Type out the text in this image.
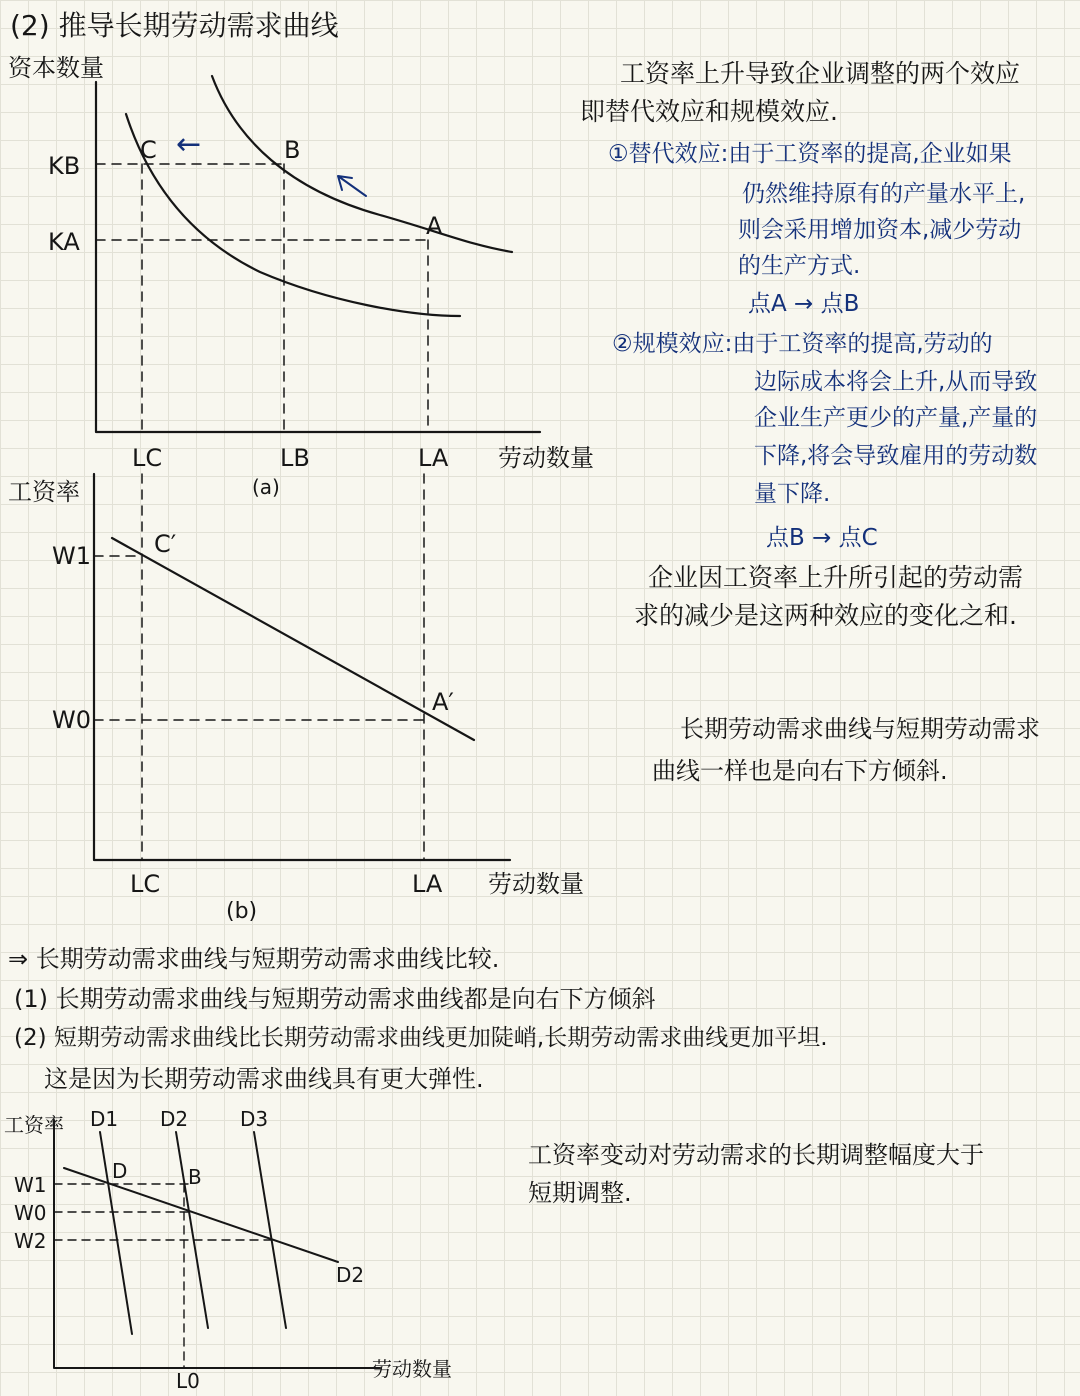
(2) 推导长期劳动需求曲线
工资率上升导致企业调整的两个效应
即替代效应和规模效应.
①替代效应:由于工资率的提高,企业如果
仍然维持原有的产量水平上,
则会采用增加资本,减少劳动
的生产方式.
点A → 点B
②规模效应:由于工资率的提高,劳动的
边际成本将会上升,从而导致
企业生产更少的产量,产量的
下降,将会导致雇用的劳动数
量下降.
点B → 点C
企业因工资率上升所引起的劳动需
求的减少是这两种效应的变化之和.
长期劳动需求曲线与短期劳动需求
曲线一样也是向右下方倾斜.
⇒ 长期劳动需求曲线与短期劳动需求曲线比较.
(1) 长期劳动需求曲线与短期劳动需求曲线都是向右下方倾斜
(2) 短期劳动需求曲线比长期劳动需求曲线更加陡峭,长期劳动需求曲线更加平坦.
这是因为长期劳动需求曲线具有更大弹性.
工资率变动对劳动需求的长期调整幅度大于
短期调整.
资本数量
KB
KA
C	B
A
←
LC	LB	LA
(a)
劳动数量
工资率
W1
W0
C′
A′
LC	LA
(b)
劳动数量
工资率 D1 D2	D3
D2
D	B
W1
W0
W2
L0	劳动数量
